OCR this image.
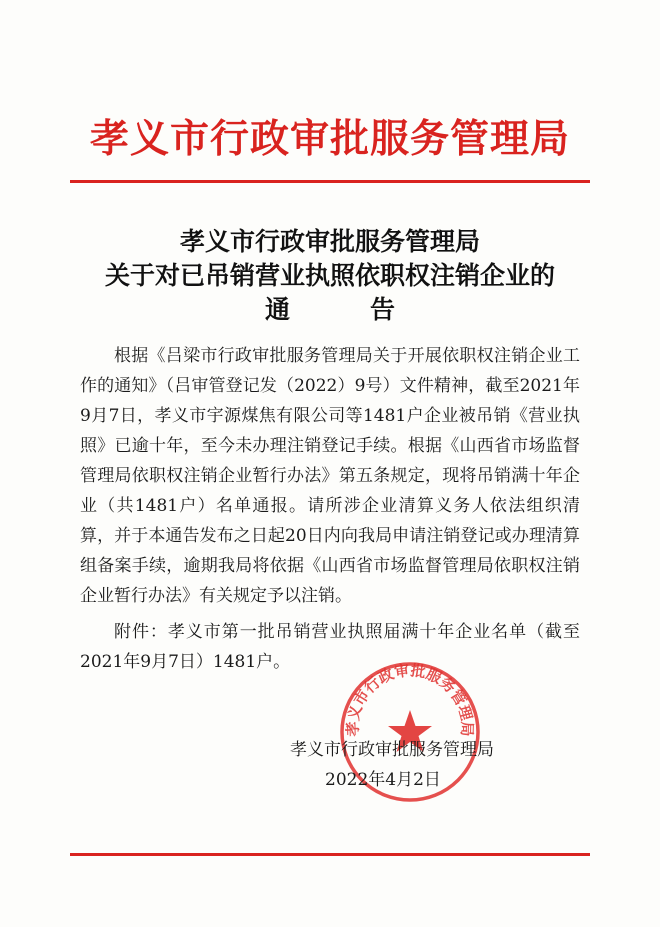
孝义市行政审批服务管理局
孝义市行政审批服务管理局
关于对已吊销营业执照依职权注销企业的
通告
根据《吕梁市行政审批服务管理局关于开展依职权注销企业工作的通知》（吕审管登记发（2022）9号）文件精神，截至2021年9月7日，孝义市宇源煤焦有限公司等1481户企业被吊销《营业执照》已逾十年，至今未办理注销登记手续。根据《山西省市场监督管理局依职权注销企业暂行办法》第五条规定，现将吊销满十年企业（共1481户）名单通报。请所涉企业清算义务人依法组织清算，并于本通告发布之日起20日内向我局申请注销登记或办理清算组备案手续，逾期我局将依据《山西省市场监督管理局依职权注销企业暂行办法》有关规定予以注销。
附件：孝义市第一批吊销营业执照届满十年企业名单（截至2021年9月7日）1481户。
孝义市行政审批服务管理局
孝义市行政审批服务管理局
2022年4月2日
